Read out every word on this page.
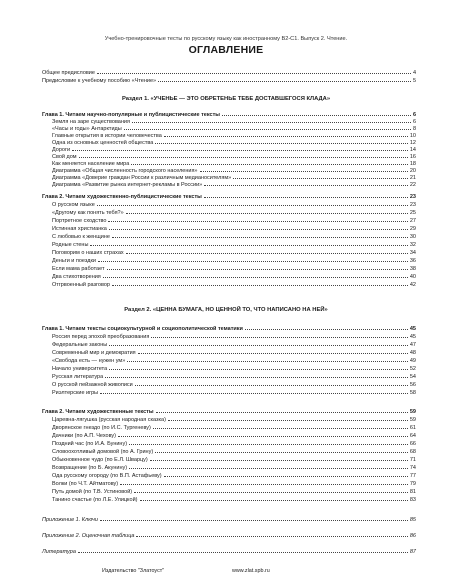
Учебно-тренировочные тесты по русскому языку как иностранному В2-С1. Выпуск 2. Чтение.
ОГЛАВЛЕНИЕ
Общее предисловие	4
Предисловие к учебному пособию «Чтение»	5
Раздел 1. «УЧЕНЬЕ — ЭТО ОБРЕТЕНЬЕ ТЕБЕ ДОСТАВШЕГОСЯ КЛАДА»
Глава 1. Читаем научно-популярные и публицистические тексты	6
Земля на заре существования	6
«Часы и годы» Антарктиды	8
Главные открытия в истории человечества	10
Одна из основных ценностей общества	12
Дороги	14
Свой дом	16
Как меняется население мира	18
Диаграмма «Общая численность городского населения»	20
Диаграмма «Доверие граждан России к различным медианосителям»	21
Диаграмма «Развитие рынка интернет-рекламы в России»	22
Глава 2. Читаем художественно-публицистические тексты	23
О русском языке	23
«Другому как понять тебя?»	25
Портретное сходство	27
Истинная христианка	29
С любовью к женщине	30
Родные стены	32
Поговорим о наших страхах	34
Деньги и поездки	36
Если мама работает	38
Два стихотворения	40
Отгрвоенный разговор	42
Раздел 2. «ЦЕННА БУМАГА, НО ЦЕННОЙ ТО, ЧТО НАПИСАНО НА НЕЙ»
Глава 1. Читаем тексты социокультурной и социополитической тематики	45
Россия перед эпохой преобразования	45
Федеральные законы	47
Современный мир и демократия	48
«Свобода есть — нужен ум»	49
Начало университета	52
Русская литература	54
О русской пейзажной живописи	56
Риэлтерские игры	58
Глава 2. Читаем художественные тексты	59
Царевна-лягушка (русская народная сказка)	59
Дворянское гнездо (по И.С. Тургеневу)	61
Дачники (по А.П. Чехову)	64
Поздний час (по И.А. Бунину)	66
Словоохотливый домовой (по А. Грину)	68
Обыкновенное чудо (по Е.Л. Шварцу)	71
Возвращение (по Б. Акунину)	74
Ода русскому огороду (по В.П. Астафьеву)	77
Волки (по Ч.Т. Айтматову)	79
Путь домой (по Т.В. Устиновой)	81
Танино счастье (по Л.Е. Улицкой)	83
Приложение 1. Ключи	85
Приложение 2. Оценочная таблица	86
Литература	87
Издательство "Златоуст"	www.zlat.spb.ru
